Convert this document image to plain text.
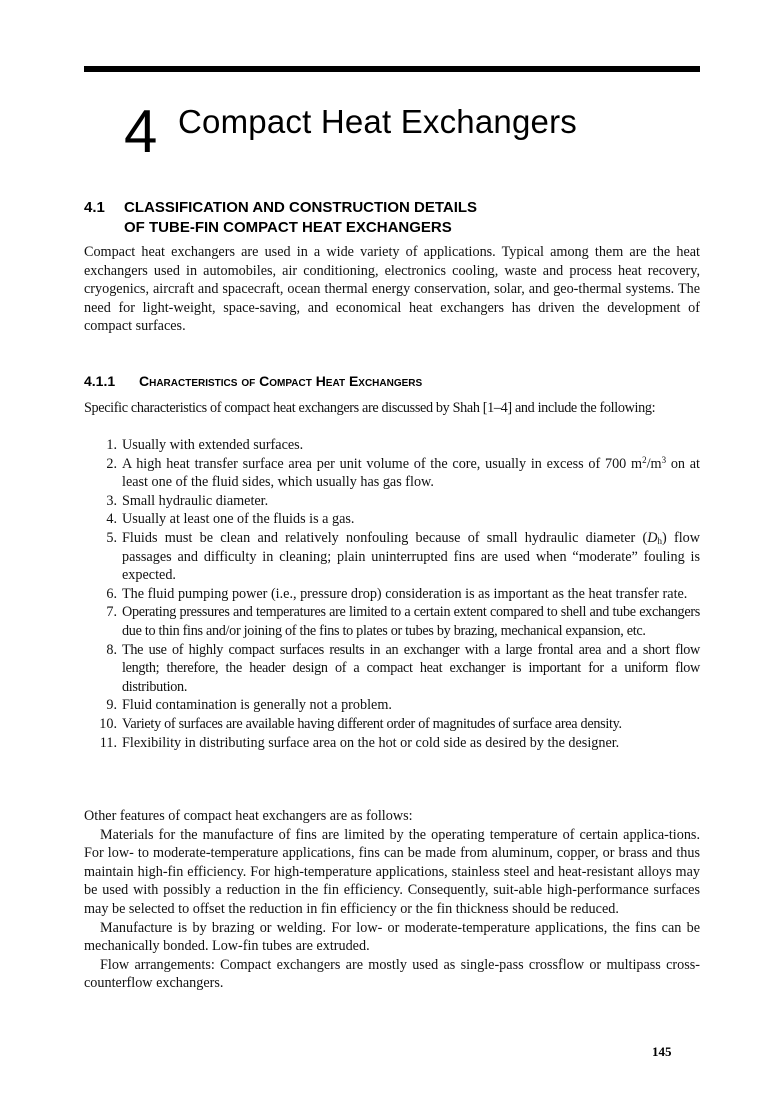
4 Compact Heat Exchangers
4.1 CLASSIFICATION AND CONSTRUCTION DETAILS
OF TUBE-FIN COMPACT HEAT EXCHANGERS

Compact heat exchangers are used in a wide variety of applications. Typical among them are the heat exchangers used in automobiles, air conditioning, electronics cooling, waste and process heat recovery, cryogenics, aircraft and spacecraft, ocean thermal energy conservation, solar, and geo-thermal systems. The need for light-weight, space-saving, and economical heat exchangers has driven the development of compact surfaces.

4.1.1 Characteristics of Compact Heat Exchangers

Specific characteristics of compact heat exchangers are discussed by Shah [1–4] and include the following:

1. Usually with extended surfaces.
2. A high heat transfer surface area per unit volume of the core, usually in excess of 700 $m^2/m^3$ on at least one of the fluid sides, which usually has gas flow.
3. Small hydraulic diameter.
4. Usually at least one of the fluids is a gas.
5. Fluids must be clean and relatively nonfouling because of small hydraulic diameter $(D_h)$ flow passages and difficulty in cleaning; plain uninterrupted fins are used when “moderate” fouling is expected.
6. The fluid pumping power (i.e., pressure drop) consideration is as important as the heat transfer rate.
7. Operating pressures and temperatures are limited to a certain extent compared to shell and tube exchangers due to thin fins and/or joining of the fins to plates or tubes by brazing, mechanical expansion, etc.
8. The use of highly compact surfaces results in an exchanger with a large frontal area and a short flow length; therefore, the header design of a compact heat exchanger is important for a uniform flow distribution.
9. Fluid contamination is generally not a problem.
10. Variety of surfaces are available having different order of magnitudes of surface area density.
11. Flexibility in distributing surface area on the hot or cold side as desired by the designer.
Other features of compact heat exchangers are as follows:
Materials for the manufacture of fins are limited by the operating temperature of certain applica-tions. For low- to moderate-temperature applications, fins can be made from aluminum, copper, or brass and thus maintain high-fin efficiency. For high-temperature applications, stainless steel and heat-resistant alloys may be used with possibly a reduction in the fin efficiency. Consequently, suit-able high-performance surfaces may be selected to offset the reduction in fin efficiency or the fin thickness should be reduced.
Manufacture is by brazing or welding. For low- or moderate-temperature applications, the fins can be mechanically bonded. Low-fin tubes are extruded.
Flow arrangements: Compact exchangers are mostly used as single-pass crossflow or multipass cross-counterflow exchangers.
145
